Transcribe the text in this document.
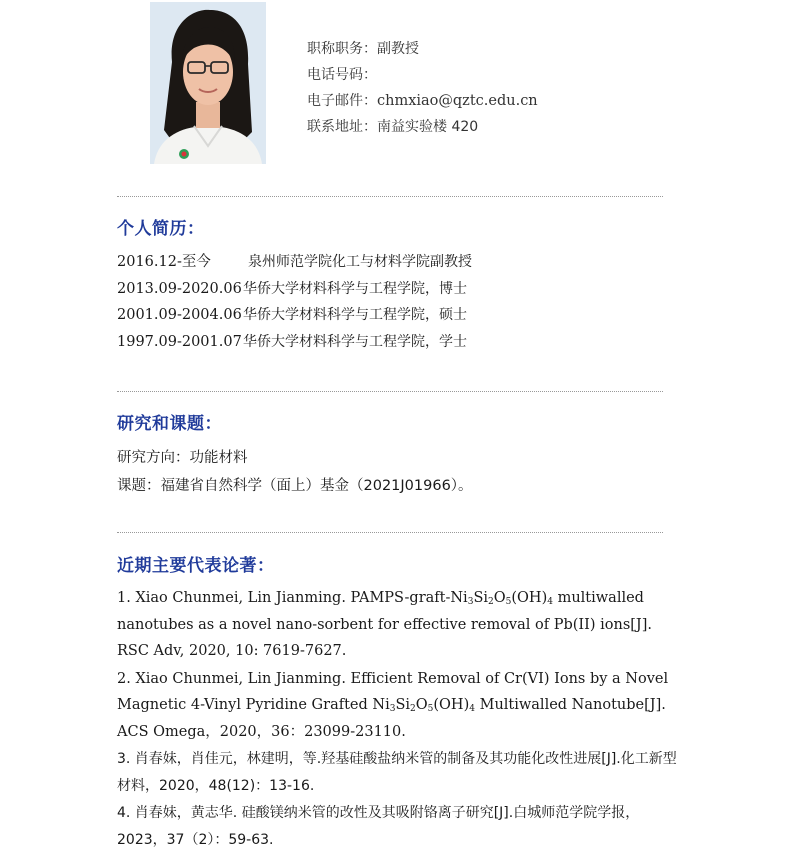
职称职务：副教授
电话号码：
电子邮件：chmxiao@qztc.edu.cn
联系地址：南益实验楼 420
个人简历：
2016.12-至今	泉州师范学院化工与材料学院副教授
2013.09-2020.06华侨大学材料科学与工程学院，博士
2001.09-2004.06华侨大学材料科学与工程学院，硕士
1997.09-2001.07华侨大学材料科学与工程学院，学士
研究和课题：
研究方向：功能材料
课题：福建省自然科学（面上）基金（2021J01966）。
近期主要代表论著：

1. Xiao Chunmei, Lin Jianming. PAMPS-$graft-Ni_3Si_2O_5(OH)_4$ multiwalled nanotubes as a novel nano-sorbent for effective removal of Pb(II) ions[J]. RSC Adv, 2020, 10: 7619-7627.

2. Xiao Chunmei, Lin Jianming. Efficient Removal of Cr(VI) Ions by a Novel Magnetic 4-Vinyl Pyridine Grafted $Ni_3Si_2O_5(OH)_4$ Multiwalled Nanotube[J]. ACS Omega，2020，36：23099-23110.

3. 肖春妹，肖佳元，林建明，等.羟基硅酸盐纳米管的制备及其功能化改性进展[J].化工新型材料，2020，48(12)：13-16.

4. 肖春妹，黄志华. 硅酸镁纳米管的改性及其吸附铬离子研究[J].白城师范学院学报，2023，37（2）：59-63.
